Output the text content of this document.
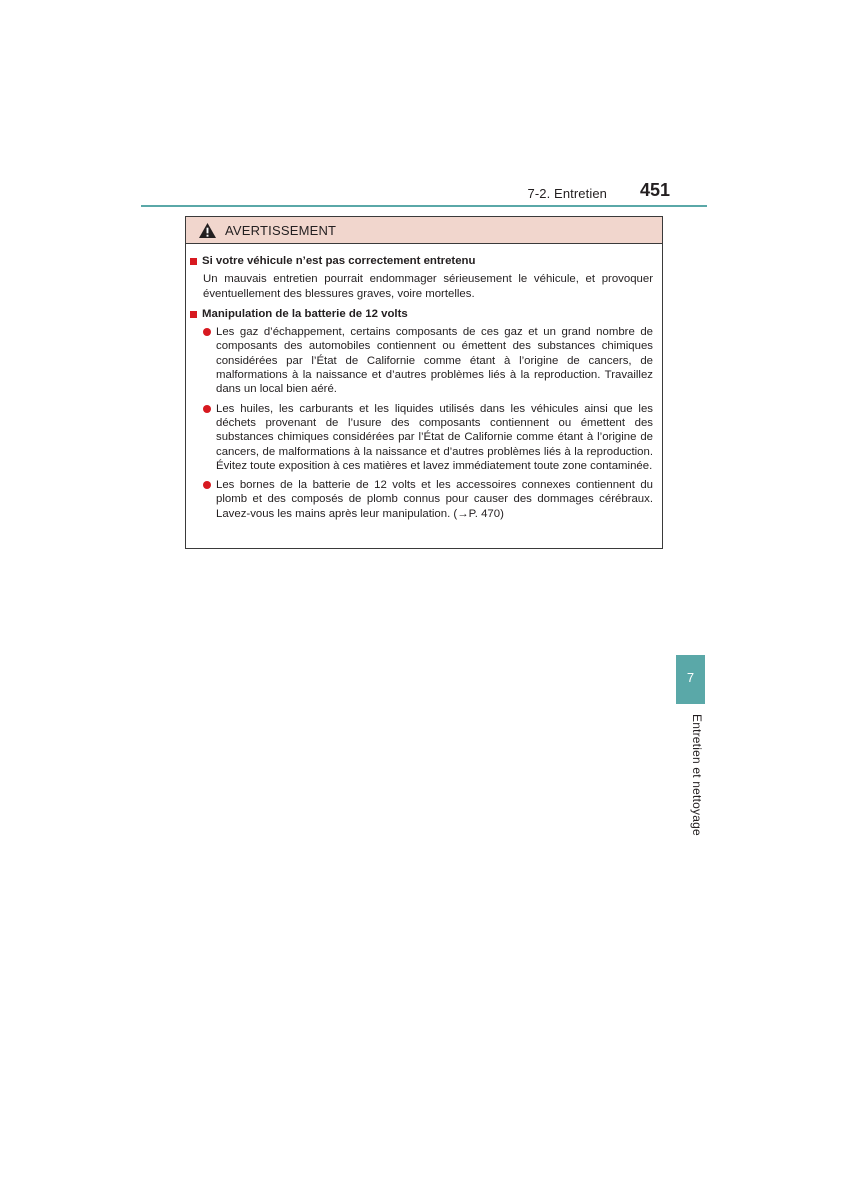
7-2. Entretien 451
AVERTISSEMENT
Si votre véhicule n’est pas correctement entretenu
Un mauvais entretien pourrait endommager sérieusement le véhicule, et provoquer éventuellement des blessures graves, voire mortelles.
Manipulation de la batterie de 12 volts
Les gaz d’échappement, certains composants de ces gaz et un grand nombre de composants des automobiles contiennent ou émettent des substances chimiques considérées par l’État de Californie comme étant à l’origine de cancers, de malformations à la naissance et d’autres problèmes liés à la reproduction. Travaillez dans un local bien aéré.
Les huiles, les carburants et les liquides utilisés dans les véhicules ainsi que les déchets provenant de l’usure des composants contiennent ou émettent des substances chimiques considérées par l’État de Californie comme étant à l’origine de cancers, de malformations à la naissance et d’autres problèmes liés à la reproduction. Évitez toute exposition à ces matières et lavez immédiatement toute zone contaminée.
Les bornes de la batterie de 12 volts et les accessoires connexes contiennent du plomb et des composés de plomb connus pour causer des dommages cérébraux. Lavez-vous les mains après leur manipulation. (→P. 470)
7
Entretien et nettoyage
